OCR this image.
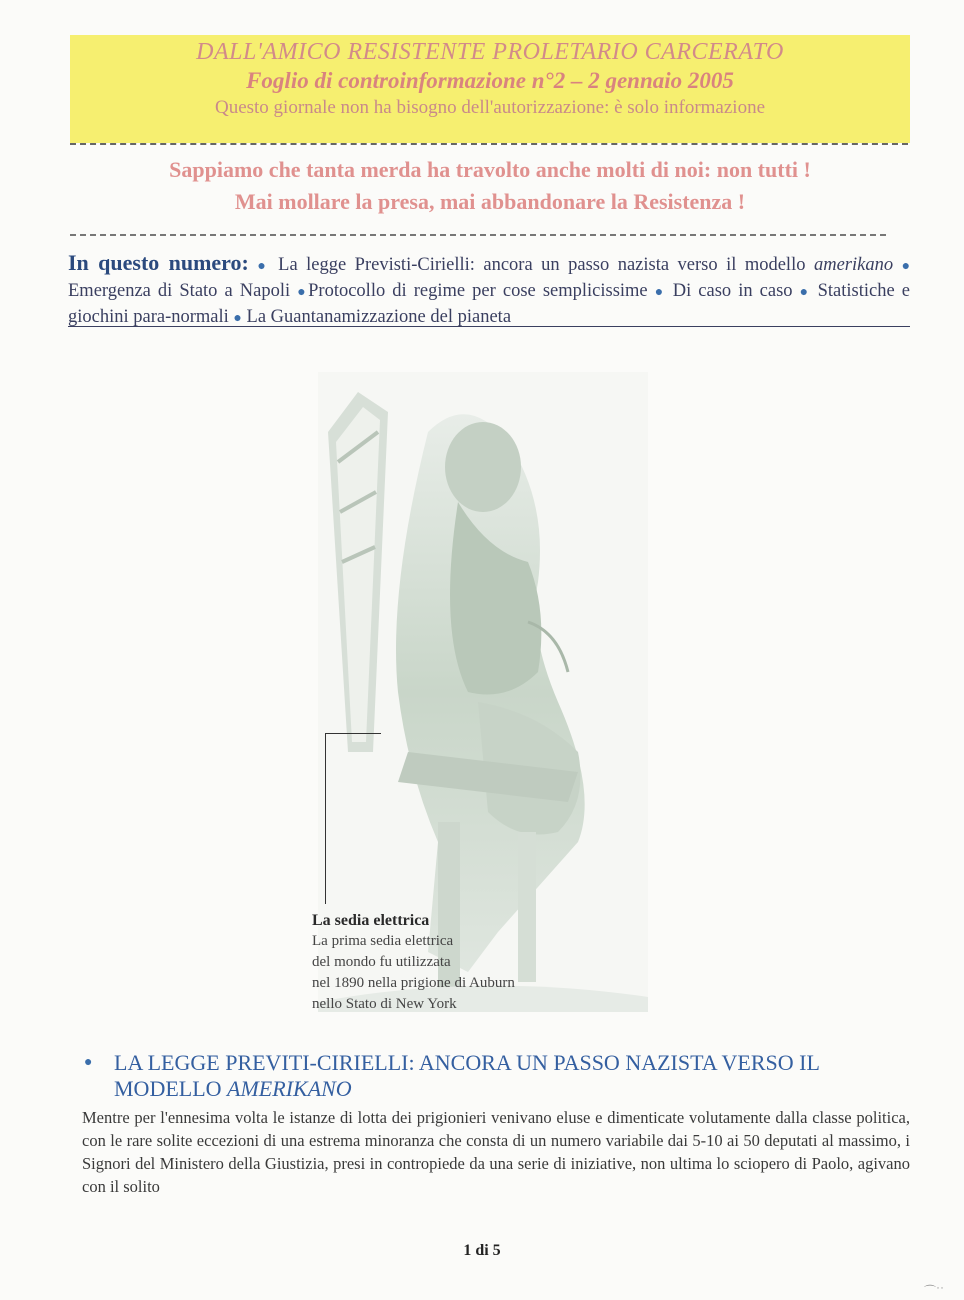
DALL'AMICO RESISTENTE PROLETARIO CARCERATO
Foglio di controinformazione n°2 – 2 gennaio 2005
Questo giornale non ha bisogno dell'autorizzazione: è solo informazione
Sappiamo che tanta merda ha travolto anche molti di noi: non tutti !
Mai mollare la presa, mai abbandonare la Resistenza !
In questo numero: ● La legge Previsti-Cirielli: ancora un passo nazista verso il modello amerikano ● Emergenza di Stato a Napoli ●Protocollo di regime per cose semplicissime ● Di caso in caso ● Statistiche e giochini para-normali ● La Guantanamizzazione del pianeta
La sedia elettrica
La prima sedia elettrica
del mondo fu utilizzata
nel 1890 nella prigione di Auburn
nello Stato di New York
● LA LEGGE PREVITI-CIRIELLI: ANCORA UN PASSO NAZISTA VERSO IL MODELLO AMERIKANO
Mentre per l'ennesima volta le istanze di lotta dei prigionieri venivano eluse e dimenticate volutamente dalla classe politica, con le rare solite eccezioni di una estrema minoranza che consta di un numero variabile dai 5-10 ai 50 deputati al massimo, i Signori del Ministero della Giustizia, presi in contropiede da una serie di iniziative, non ultima lo sciopero di Paolo, agivano con il solito
1 di 5
⌒˙˙
